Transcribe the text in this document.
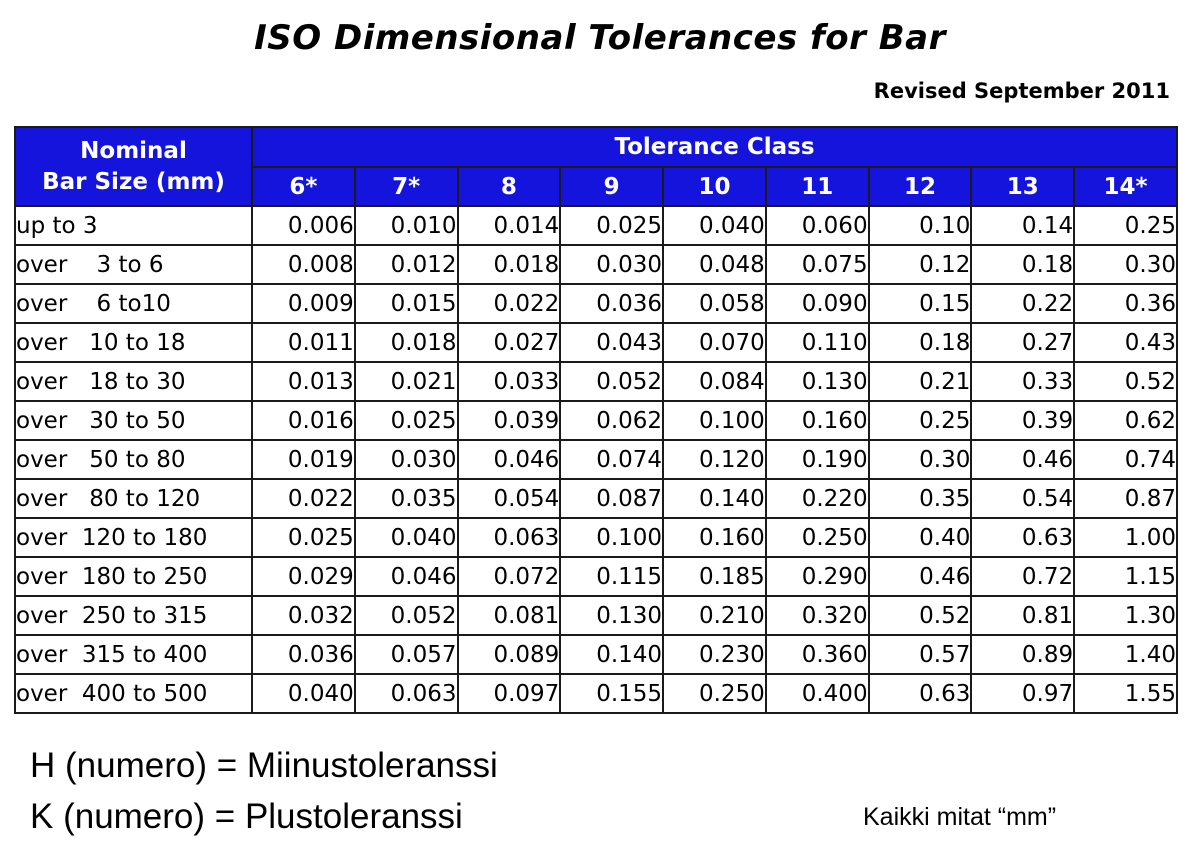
ISO Dimensional Tolerances for Bar
Revised September 2011
Nominal
Bar Size (mm)	Tolerance Class								
	6*	7*	8	9	10	11	12	13	14*
up to 3	0.006	0.010	0.014	0.025	0.040	0.060	0.10	0.14	0.25
over    3 to 6	0.008	0.012	0.018	0.030	0.048	0.075	0.12	0.18	0.30
over    6 to10	0.009	0.015	0.022	0.036	0.058	0.090	0.15	0.22	0.36
over   10 to 18	0.011	0.018	0.027	0.043	0.070	0.110	0.18	0.27	0.43
over   18 to 30	0.013	0.021	0.033	0.052	0.084	0.130	0.21	0.33	0.52
over   30 to 50	0.016	0.025	0.039	0.062	0.100	0.160	0.25	0.39	0.62
over   50 to 80	0.019	0.030	0.046	0.074	0.120	0.190	0.30	0.46	0.74
over   80 to 120	0.022	0.035	0.054	0.087	0.140	0.220	0.35	0.54	0.87
over  120 to 180	0.025	0.040	0.063	0.100	0.160	0.250	0.40	0.63	1.00
over  180 to 250	0.029	0.046	0.072	0.115	0.185	0.290	0.46	0.72	1.15
over  250 to 315	0.032	0.052	0.081	0.130	0.210	0.320	0.52	0.81	1.30
over  315 to 400	0.036	0.057	0.089	0.140	0.230	0.360	0.57	0.89	1.40
over  400 to 500	0.040	0.063	0.097	0.155	0.250	0.400	0.63	0.97	1.55
H (numero) = Miinustoleranssi
K (numero) = Plustoleranssi	Kaikki mitat “mm”
